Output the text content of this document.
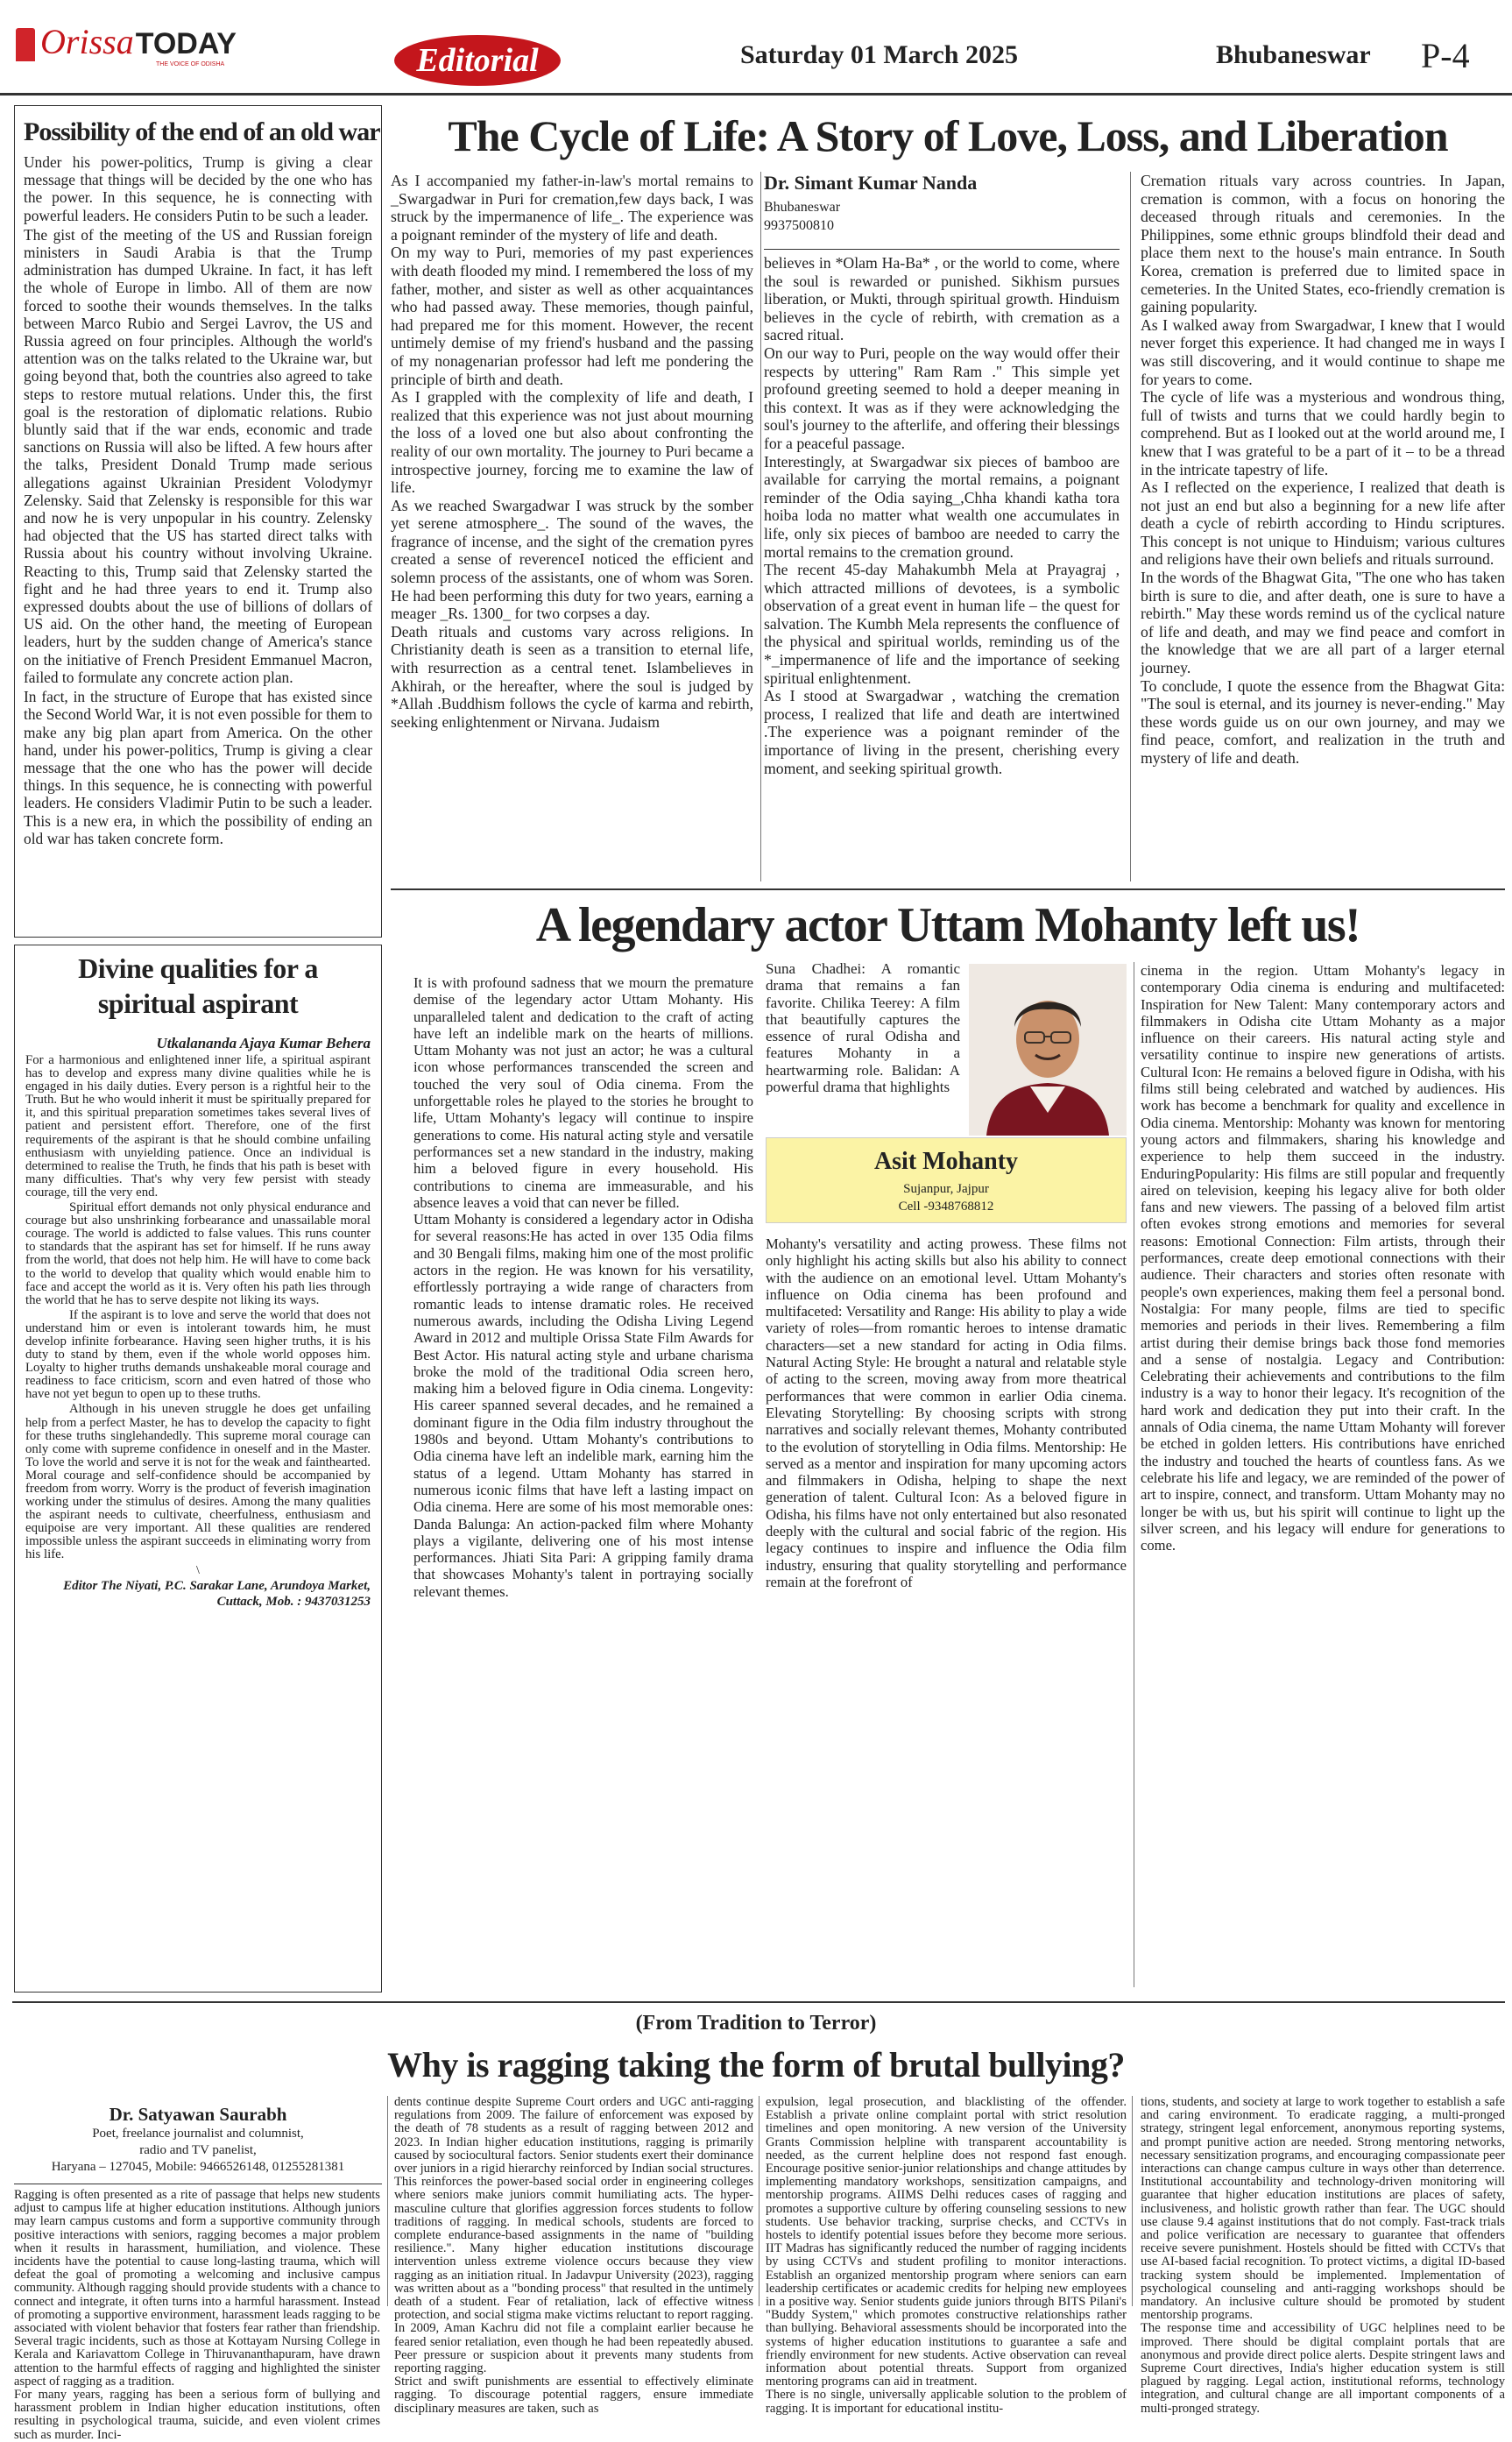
OrissaTODAY
THE VOICE OF ODISHA	Editorial	Saturday 01 March 2025	Bhubaneswar	P-4
Possibility of the end of an old war

Under his power-politics, Trump is giving a clear message that things will be decided by the one who has the power. In this sequence, he is connecting with powerful leaders. He considers Putin to be such a leader.

The gist of the meeting of the US and Russian foreign ministers in Saudi Arabia is that the Trump administration has dumped Ukraine. In fact, it has left the whole of Europe in limbo. All of them are now forced to soothe their wounds themselves. In the talks between Marco Rubio and Sergei Lavrov, the US and Russia agreed on four principles. Although the world's attention was on the talks related to the Ukraine war, but going beyond that, both the countries also agreed to take steps to restore mutual relations. Under this, the first goal is the restoration of diplomatic relations. Rubio bluntly said that if the war ends, economic and trade sanctions on Russia will also be lifted. A few hours after the talks, President Donald Trump made serious allegations against Ukrainian President Volodymyr Zelensky. Said that Zelensky is responsible for this war and now he is very unpopular in his country. Zelensky had objected that the US has started direct talks with Russia about his country without involving Ukraine. Reacting to this, Trump said that Zelensky started the fight and he had three years to end it. Trump also expressed doubts about the use of billions of dollars of US aid. On the other hand, the meeting of European leaders, hurt by the sudden change of America's stance on the initiative of French President Emmanuel Macron, failed to formulate any concrete action plan.

In fact, in the structure of Europe that has existed since the Second World War, it is not even possible for them to make any big plan apart from America. On the other hand, under his power-politics, Trump is giving a clear message that the one who has the power will decide things. In this sequence, he is connecting with powerful leaders. He considers Vladimir Putin to be such a leader. This is a new era, in which the possibility of ending an old war has taken concrete form.

Divine qualities for a spiritual aspirant
Utkalananda Ajaya Kumar Behera

For a harmonious and enlightened inner life, a spiritual aspirant has to develop and express many divine qualities while he is engaged in his daily duties. Every person is a rightful heir to the Truth. But he who would inherit it must be spiritually prepared for it, and this spiritual preparation sometimes takes several lives of patient and persistent effort. Therefore, one of the first requirements of the aspirant is that he should combine unfailing enthusiasm with unyielding patience. Once an individual is determined to realise the Truth, he finds that his path is beset with many difficulties. That's why very few persist with steady courage, till the very end.

Spiritual effort demands not only physical endurance and courage but also unshrinking forbearance and unassailable moral courage. The world is addicted to false values. This runs counter to standards that the aspirant has set for himself. If he runs away from the world, that does not help him. He will have to come back to the world to develop that quality which would enable him to face and accept the world as it is. Very often his path lies through the world that he has to serve despite not liking its ways.

If the aspirant is to love and serve the world that does not understand him or even is intolerant towards him, he must develop infinite forbearance. Having seen higher truths, it is his duty to stand by them, even if the whole world opposes him. Loyalty to higher truths demands unshakeable moral courage and readiness to face criticism, scorn and even hatred of those who have not yet begun to open up to these truths.

Although in his uneven struggle he does get unfailing help from a perfect Master, he has to develop the capacity to fight for these truths singlehandedly. This supreme moral courage can only come with supreme confidence in oneself and in the Master. To love the world and serve it is not for the weak and fainthearted. Moral courage and self-confidence should be accompanied by freedom from worry. Worry is the product of feverish imagination working under the stimulus of desires. Among the many qualities the aspirant needs to cultivate, cheerfulness, enthusiasm and equipoise are very important. All these qualities are rendered impossible unless the aspirant succeeds in eliminating worry from his life.

\
Editor The Niyati, P.C. Sarakar Lane, Arundoya Market, Cuttack, Mob. : 9437031253
The Cycle of Life: A Story of Love, Loss, and Liberation
As I accompanied my father-in-law's mortal remains to _Swargadwar in Puri for cremation,few days back, I was struck by the impermanence of life_. The experience was a poignant reminder of the mystery of life and death.
On my way to Puri, memories of my past experiences with death flooded my mind. I remembered the loss of my father, mother, and sister as well as other acquaintances who had passed away. These memories, though painful, had prepared me for this moment. However, the recent untimely demise of my friend's husband and the passing of my nonagenarian professor had left me pondering the principle of birth and death.
As I grappled with the complexity of life and death, I realized that this experience was not just about mourning the loss of a loved one but also about confronting the reality of our own mortality. The journey to Puri became a introspective journey, forcing me to examine the law of life.
As we reached Swargadwar I was struck by the somber yet serene atmosphere_. The sound of the waves, the fragrance of incense, and the sight of the cremation pyres created a sense of reverenceI noticed the efficient and solemn process of the assistants, one of whom was Soren. He had been performing this duty for two years, earning a meager _Rs. 1300_ for two corpses a day.
Death rituals and customs vary across religions. In Christianity death is seen as a transition to eternal life, with resurrection as a central tenet. Islambelieves in Akhirah, or the hereafter, where the soul is judged by *Allah .Buddhism follows the cycle of karma and rebirth, seeking enlightenment or Nirvana. Judaism
Dr. Simant Kumar Nanda
Bhubaneswar
9937500810
believes in *Olam Ha-Ba* , or the world to come, where the soul is rewarded or punished. Sikhism pursues liberation, or Mukti, through spiritual growth. Hinduism believes in the cycle of rebirth, with cremation as a sacred ritual.
On our way to Puri, people on the way would offer their respects by uttering" Ram Ram ." This simple yet profound greeting seemed to hold a deeper meaning in this context. It was as if they were acknowledging the soul's journey to the afterlife, and offering their blessings for a peaceful passage.
Interestingly, at Swargadwar six pieces of bamboo are available for carrying the mortal remains, a poignant reminder of the Odia saying_,Chha khandi katha tora hoiba loda no matter what wealth one accumulates in life, only six pieces of bamboo are needed to carry the mortal remains to the cremation ground.
The recent 45-day Mahakumbh Mela at Prayagraj , which attracted millions of devotees, is a symbolic observation of a great event in human life – the quest for salvation. The Kumbh Mela represents the confluence of the physical and spiritual worlds, reminding us of the *_impermanence of life and the importance of seeking spiritual enlightenment.
As I stood at Swargadwar , watching the cremation process, I realized that life and death are intertwined .The experience was a poignant reminder of the importance of living in the present, cherishing every moment, and seeking spiritual growth.
Cremation rituals vary across countries. In Japan, cremation is common, with a focus on honoring the deceased through rituals and ceremonies. In the Philippines, some ethnic groups blindfold their dead and place them next to the house's main entrance. In South Korea, cremation is preferred due to limited space in cemeteries. In the United States, eco-friendly cremation is gaining popularity.
As I walked away from Swargadwar, I knew that I would never forget this experience. It had changed me in ways I was still discovering, and it would continue to shape me for years to come.
The cycle of life was a mysterious and wondrous thing, full of twists and turns that we could hardly begin to comprehend. But as I looked out at the world around me, I knew that I was grateful to be a part of it – to be a thread in the intricate tapestry of life.
As I reflected on the experience, I realized that death is not just an end but also a beginning for a new life after death a cycle of rebirth according to Hindu scriptures. This concept is not unique to Hinduism; various cultures and religions have their own beliefs and rituals surround.
In the words of the Bhagwat Gita, "The one who has taken birth is sure to die, and after death, one is sure to have a rebirth." May these words remind us of the cyclical nature of life and death, and may we find peace and comfort in the knowledge that we are all part of a larger eternal journey.
To conclude, I quote the essence from the Bhagwat Gita: "The soul is eternal, and its journey is never-ending." May these words guide us on our own journey, and may we find peace, comfort, and realization in the truth and mystery of life and death.
A legendary actor Uttam Mohanty left us!
It is with profound sadness that we mourn the premature demise of the legendary actor Uttam Mohanty. His unparalleled talent and dedication to the craft of acting have left an indelible mark on the hearts of millions. Uttam Mohanty was not just an actor; he was a cultural icon whose performances transcended the screen and touched the very soul of Odia cinema. From the unforgettable roles he played to the stories he brought to life, Uttam Mohanty's legacy will continue to inspire generations to come. His natural acting style and versatile performances set a new standard in the industry, making him a beloved figure in every household. His contributions to cinema are immeasurable, and his absence leaves a void that can never be filled.
Uttam Mohanty is considered a legendary actor in Odisha for several reasons:He has acted in over 135 Odia films and 30 Bengali films, making him one of the most prolific actors in the region. He was known for his versatility, effortlessly portraying a wide range of characters from romantic leads to intense dramatic roles. He received numerous awards, including the Odisha Living Legend Award in 2012 and multiple Orissa State Film Awards for Best Actor. His natural acting style and urbane charisma broke the mold of the traditional Odia screen hero, making him a beloved figure in Odia cinema. Longevity: His career spanned several decades, and he remained a dominant figure in the Odia film industry throughout the 1980s and beyond. Uttam Mohanty's contributions to Odia cinema have left an indelible mark, earning him the status of a legend. Uttam Mohanty has starred in numerous iconic films that have left a lasting impact on Odia cinema. Here are some of his most memorable ones: Danda Balunga: An action-packed film where Mohanty plays a vigilante, delivering one of his most intense performances. Jhiati Sita Pari: A gripping family drama that showcases Mohanty's talent in portraying socially relevant themes.
Suna Chadhei: A romantic drama that remains a fan favorite. Chilika Teerey: A film that beautifully captures the essence of rural Odisha and features Mohanty in a heartwarming role. Balidan: A powerful drama that highlights
Asit Mohanty
Sujanpur, Jajpur
Cell -9348768812
Mohanty's versatility and acting prowess. These films not only highlight his acting skills but also his ability to connect with the audience on an emotional level. Uttam Mohanty's influence on Odia cinema has been profound and multifaceted: Versatility and Range: His ability to play a wide variety of roles—from romantic heroes to intense dramatic characters—set a new standard for acting in Odia films. Natural Acting Style: He brought a natural and relatable style of acting to the screen, moving away from more theatrical performances that were common in earlier Odia cinema. Elevating Storytelling: By choosing scripts with strong narratives and socially relevant themes, Mohanty contributed to the evolution of storytelling in Odia films. Mentorship: He served as a mentor and inspiration for many upcoming actors and filmmakers in Odisha, helping to shape the next generation of talent. Cultural Icon: As a beloved figure in Odisha, his films have not only entertained but also resonated deeply with the cultural and social fabric of the region. His legacy continues to inspire and influence the Odia film industry, ensuring that quality storytelling and performance remain at the forefront of
cinema in the region. Uttam Mohanty's legacy in contemporary Odia cinema is enduring and multifaceted: Inspiration for New Talent: Many contemporary actors and filmmakers in Odisha cite Uttam Mohanty as a major influence on their careers. His natural acting style and versatility continue to inspire new generations of artists. Cultural Icon: He remains a beloved figure in Odisha, with his films still being celebrated and watched by audiences. His work has become a benchmark for quality and excellence in Odia cinema. Mentorship: Mohanty was known for mentoring young actors and filmmakers, sharing his knowledge and experience to help them succeed in the industry. EnduringPopularity: His films are still popular and frequently aired on television, keeping his legacy alive for both older fans and new viewers. The passing of a beloved film artist often evokes strong emotions and memories for several reasons: Emotional Connection: Film artists, through their performances, create deep emotional connections with their audience. Their characters and stories often resonate with people's own experiences, making them feel a personal bond. Nostalgia: For many people, films are tied to specific memories and periods in their lives. Remembering a film artist during their demise brings back those fond memories and a sense of nostalgia. Legacy and Contribution: Celebrating their achievements and contributions to the film industry is a way to honor their legacy. It's recognition of the hard work and dedication they put into their craft. In the annals of Odia cinema, the name Uttam Mohanty will forever be etched in golden letters. His contributions have enriched the industry and touched the hearts of countless fans. As we celebrate his life and legacy, we are reminded of the power of art to inspire, connect, and transform. Uttam Mohanty may no longer be with us, but his spirit will continue to light up the silver screen, and his legacy will endure for generations to come.
(From Tradition to Terror)
Why is ragging taking the form of brutal bullying?
Dr. Satyawan Saurabh
Poet, freelance journalist and columnist,
radio and TV panelist,
Haryana – 127045, Mobile: 9466526148, 01255281381
Ragging is often presented as a rite of passage that helps new students adjust to campus life at higher education institutions. Although juniors may learn campus customs and form a supportive community through positive interactions with seniors, ragging becomes a major problem when it results in harassment, humiliation, and violence. These incidents have the potential to cause long-lasting trauma, which will defeat the goal of promoting a welcoming and inclusive campus community. Although ragging should provide students with a chance to connect and integrate, it often turns into a harmful harassment. Instead of promoting a supportive environment, harassment leads ragging to be associated with violent behavior that fosters fear rather than friendship. Several tragic incidents, such as those at Kottayam Nursing College in Kerala and Kariavattom College in Thiruvananthapuram, have drawn attention to the harmful effects of ragging and highlighted the sinister aspect of ragging as a tradition.
For many years, ragging has been a serious form of bullying and harassment problem in Indian higher education institutions, often resulting in psychological trauma, suicide, and even violent crimes such as murder. Inci-
dents continue despite Supreme Court orders and UGC anti-ragging regulations from 2009. The failure of enforcement was exposed by the death of 78 students as a result of ragging between 2012 and 2023. In Indian higher education institutions, ragging is primarily caused by sociocultural factors. Senior students exert their dominance over juniors in a rigid hierarchy reinforced by Indian social structures. This reinforces the power-based social order in engineering colleges where seniors make juniors commit humiliating acts. The hyper-masculine culture that glorifies aggression forces students to follow traditions of ragging. In medical schools, students are forced to complete endurance-based assignments in the name of "building resilience.". Many higher education institutions discourage intervention unless extreme violence occurs because they view ragging as an initiation ritual. In Jadavpur University (2023), ragging was written about as a "bonding process" that resulted in the untimely death of a student. Fear of retaliation, lack of effective witness protection, and social stigma make victims reluctant to report ragging. In 2009, Aman Kachru did not file a complaint earlier because he feared senior retaliation, even though he had been repeatedly abused. Peer pressure or suspicion about it prevents many students from reporting ragging.
Strict and swift punishments are essential to effectively eliminate ragging. To discourage potential raggers, ensure immediate disciplinary measures are taken, such as
expulsion, legal prosecution, and blacklisting of the offender. Establish a private online complaint portal with strict resolution timelines and open monitoring. A new version of the University Grants Commission helpline with transparent accountability is needed, as the current helpline does not respond fast enough. Encourage positive senior-junior relationships and change attitudes by implementing mandatory workshops, sensitization campaigns, and mentorship programs. AIIMS Delhi reduces cases of ragging and promotes a supportive culture by offering counseling sessions to new students. Use behavior tracking, surprise checks, and CCTVs in hostels to identify potential issues before they become more serious. IIT Madras has significantly reduced the number of ragging incidents by using CCTVs and student profiling to monitor interactions. Establish an organized mentorship program where seniors can earn leadership certificates or academic credits for helping new employees in a positive way. Senior students guide juniors through BITS Pilani's "Buddy System," which promotes constructive relationships rather than bullying. Behavioral assessments should be incorporated into the systems of higher education institutions to guarantee a safe and friendly environment for new students. Active observation can reveal information about potential threats. Support from organized mentoring programs can aid in treatment.
There is no single, universally applicable solution to the problem of ragging. It is important for educational institu-
tions, students, and society at large to work together to establish a safe and caring environment. To eradicate ragging, a multi-pronged strategy, stringent legal enforcement, anonymous reporting systems, and prompt punitive action are needed. Strong mentoring networks, necessary sensitization programs, and encouraging compassionate peer interactions can change campus culture in ways other than deterrence. Institutional accountability and technology-driven monitoring will guarantee that higher education institutions are places of safety, inclusiveness, and holistic growth rather than fear. The UGC should use clause 9.4 against institutions that do not comply. Fast-track trials and police verification are necessary to guarantee that offenders receive severe punishment. Hostels should be fitted with CCTVs that use AI-based facial recognition. To protect victims, a digital ID-based tracking system should be implemented. Implementation of psychological counseling and anti-ragging workshops should be mandatory. An inclusive culture should be promoted by student mentorship programs.
The response time and accessibility of UGC helplines need to be improved. There should be digital complaint portals that are anonymous and provide direct police alerts. Despite stringent laws and Supreme Court directives, India's higher education system is still plagued by ragging. Legal action, institutional reforms, technology integration, and cultural change are all important components of a multi-pronged strategy.
